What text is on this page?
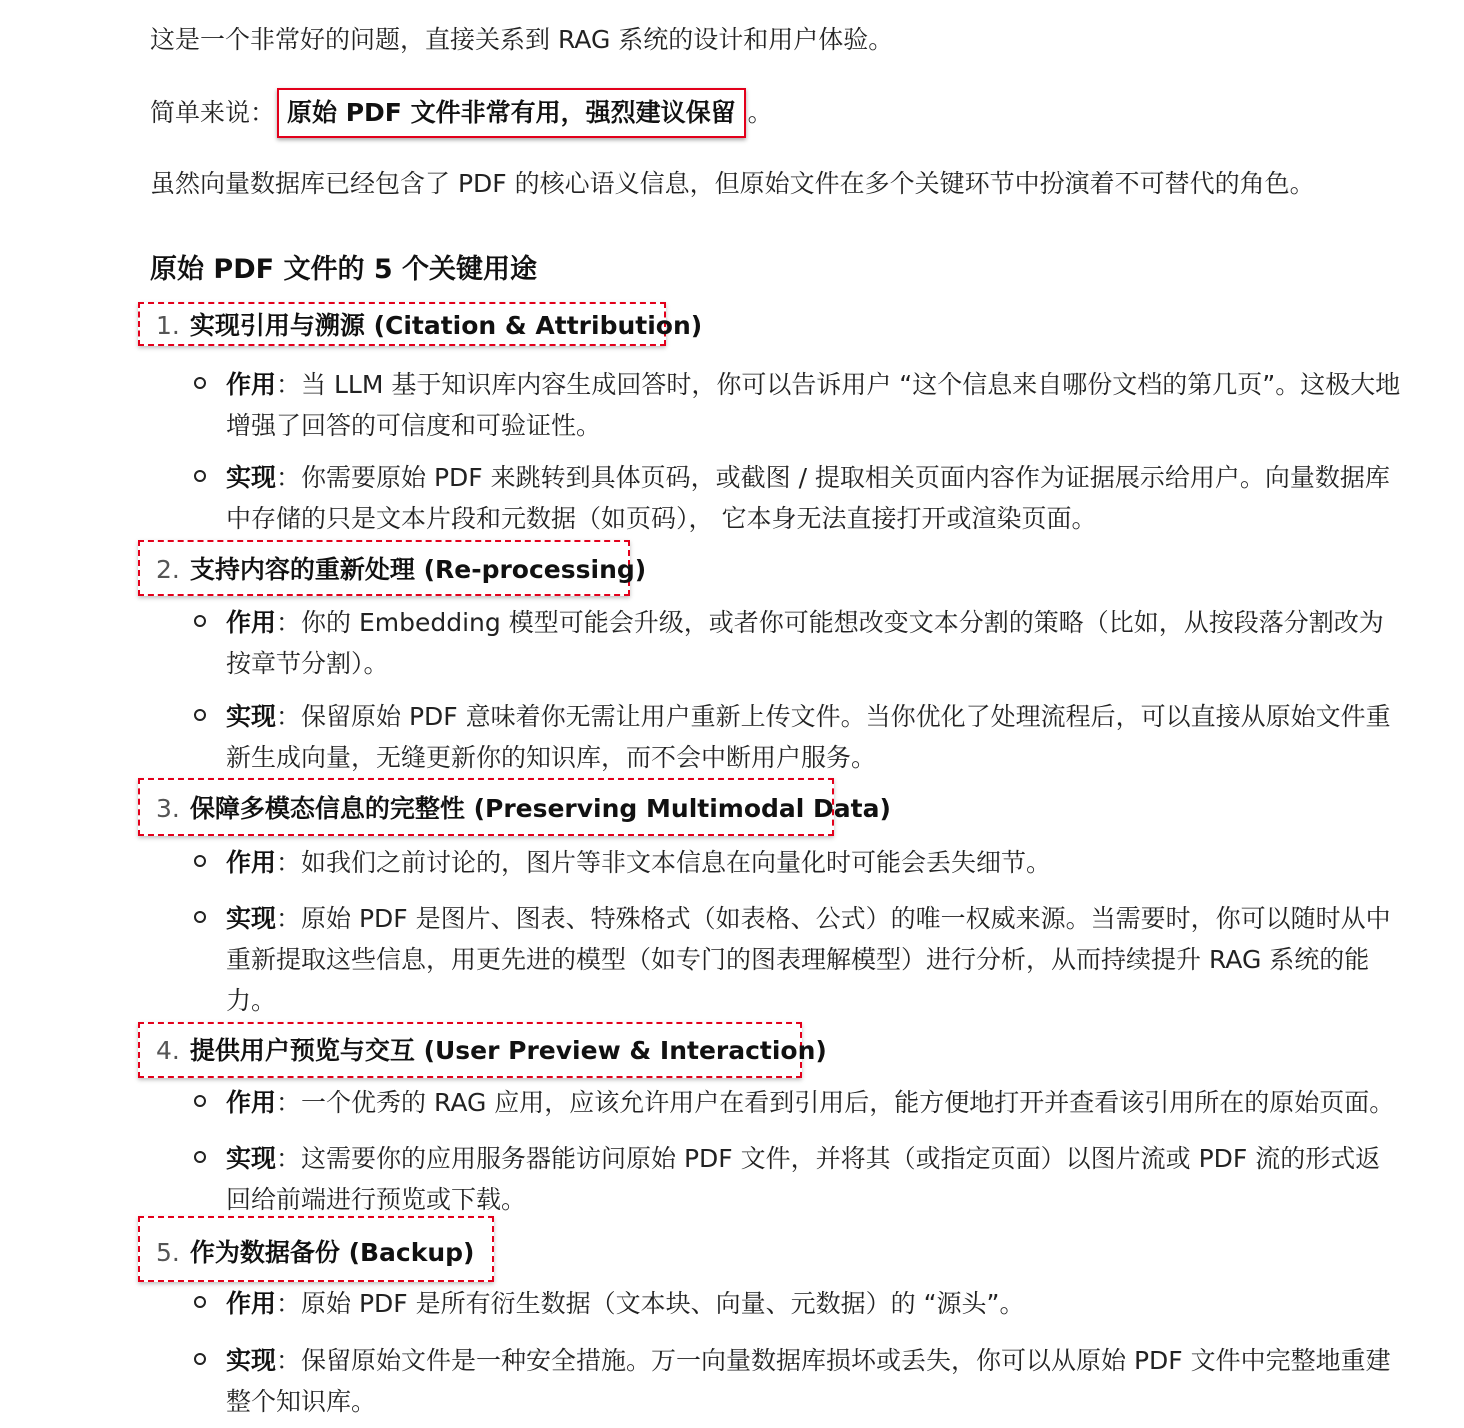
这是一个非常好的问题，直接关系到 RAG 系统的设计和用户体验。
简单来说： 原始 PDF 文件非常有用，强烈建议保留 。
虽然向量数据库已经包含了 PDF 的核心语义信息，但原始文件在多个关键环节中扮演着不可替代的角色。
原始 PDF 文件的 5 个关键用途
1. 实现引用与溯源 (Citation & Attribution)
作用：当 LLM 基于知识库内容生成回答时，你可以告诉用户 “这个信息来自哪份文档的第几页”。这极大地增强了回答的可信度和可验证性。
实现：你需要原始 PDF 来跳转到具体页码，或截图 / 提取相关页面内容作为证据展示给用户。向量数据库中存储的只是文本片段和元数据（如页码）， 它本身无法直接打开或渲染页面。
2. 支持内容的重新处理 (Re-processing)
作用：你的 Embedding 模型可能会升级，或者你可能想改变文本分割的策略（比如，从按段落分割改为按章节分割）。
实现：保留原始 PDF 意味着你无需让用户重新上传文件。当你优化了处理流程后，可以直接从原始文件重新生成向量，无缝更新你的知识库，而不会中断用户服务。
3. 保障多模态信息的完整性 (Preserving Multimodal Data)
作用：如我们之前讨论的，图片等非文本信息在向量化时可能会丢失细节。
实现：原始 PDF 是图片、图表、特殊格式（如表格、公式）的唯一权威来源。当需要时，你可以随时从中重新提取这些信息，用更先进的模型（如专门的图表理解模型）进行分析，从而持续提升 RAG 系统的能力。
4. 提供用户预览与交互 (User Preview & Interaction)
作用：一个优秀的 RAG 应用，应该允许用户在看到引用后，能方便地打开并查看该引用所在的原始页面。
实现：这需要你的应用服务器能访问原始 PDF 文件，并将其（或指定页面）以图片流或 PDF 流的形式返回给前端进行预览或下载。
5. 作为数据备份 (Backup)
作用：原始 PDF 是所有衍生数据（文本块、向量、元数据）的 “源头”。
实现：保留原始文件是一种安全措施。万一向量数据库损坏或丢失，你可以从原始 PDF 文件中完整地重建整个知识库。
